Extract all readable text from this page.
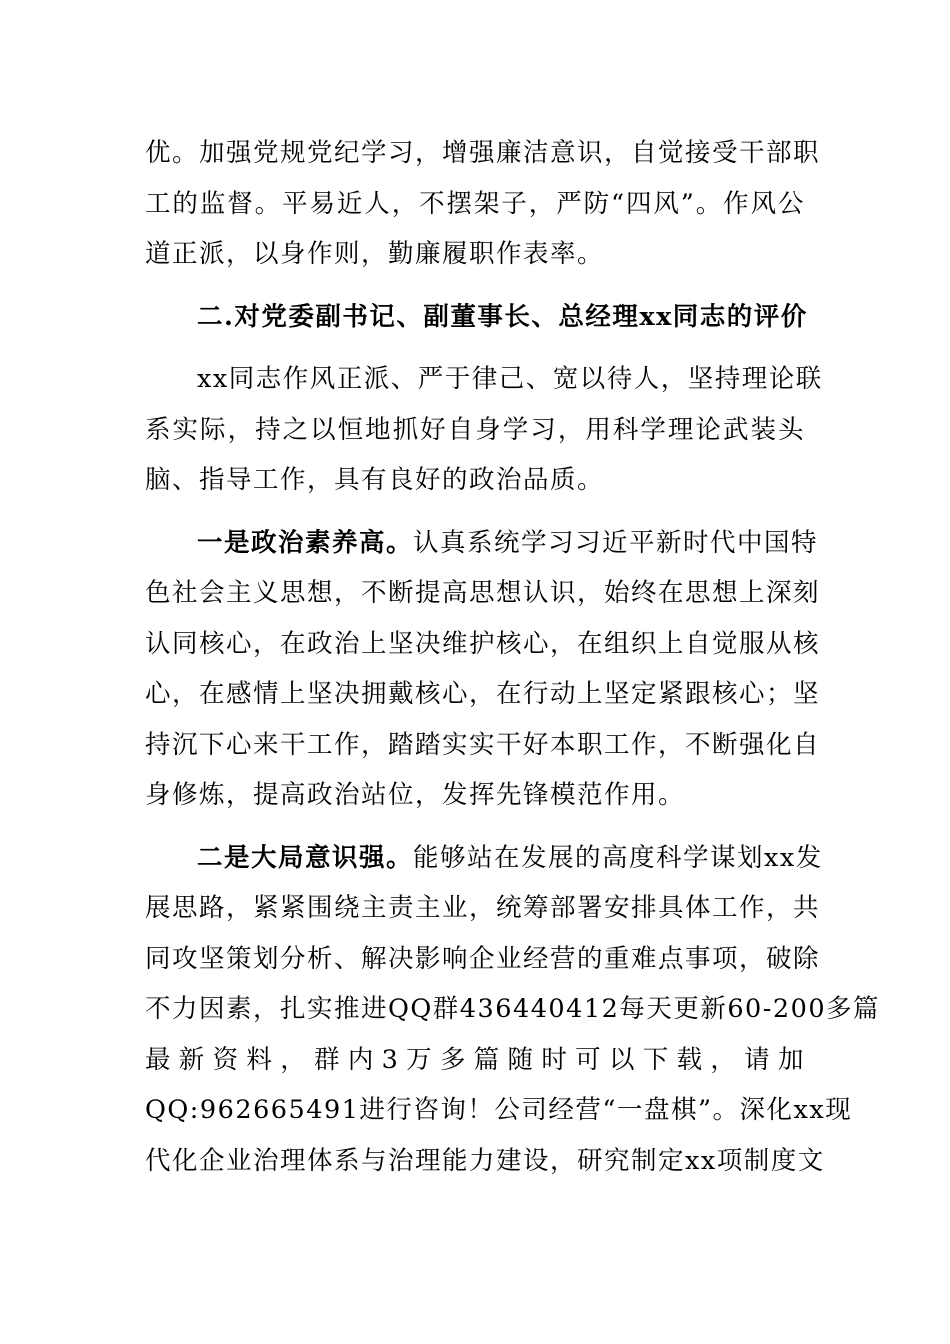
优。加强党规党纪学习，增强廉洁意识，自觉接受干部职
工的监督。平易近人，不摆架子，严防“四风”。作风公
道正派，以身作则，勤廉履职作表率。
二.对党委副书记、副董事长、总经理xx同志的评价
xx同志作风正派、严于律己、宽以待人，坚持理论联
系实际，持之以恒地抓好自身学习，用科学理论武装头
脑、指导工作，具有良好的政治品质。
一是政治素养高。认真系统学习习近平新时代中国特
色社会主义思想，不断提高思想认识，始终在思想上深刻
认同核心，在政治上坚决维护核心，在组织上自觉服从核
心，在感情上坚决拥戴核心，在行动上坚定紧跟核心；坚
持沉下心来干工作，踏踏实实干好本职工作，不断强化自
身修炼，提高政治站位，发挥先锋模范作用。
二是大局意识强。能够站在发展的高度科学谋划xx发
展思路，紧紧围绕主责主业，统筹部署安排具体工作，共
同攻坚策划分析、解决影响企业经营的重难点事项，破除
不力因素，扎实推进QQ群436440412每天更新60-200多篇
最新资料，群内3万多篇随时可以下载，请加
QQ:962665491进行咨询！公司经营“一盘棋”。深化xx现
代化企业治理体系与治理能力建设，研究制定xx项制度文
